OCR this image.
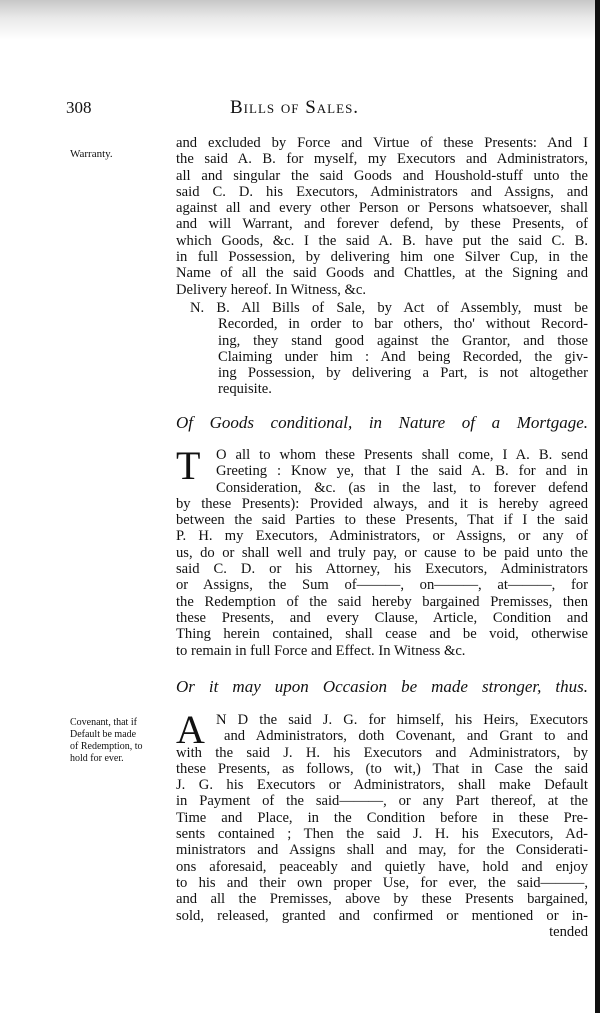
308	Bills of Sales.
Warranty.
Covenant, that if
Default be made
of Redemption, to
hold for ever.
and excluded by Force and Virtue of these Presents: And I
the said A. B. for myself, my Executors and Administrators,
all and singular the said Goods and Houshold-stuff unto the
said C. D. his Executors, Administrators and Assigns, and
against all and every other Person or Persons whatsoever, shall
and will Warrant, and forever defend, by these Presents, of
which Goods, &c. I the said A. B. have put the said C. B.
in full Possession, by delivering him one Silver Cup, in the
Name of all the said Goods and Chattles, at the Signing and
Delivery hereof. In Witness, &c.
N. B. All Bills of Sale, by Act of Assembly, must be
Recorded, in order to bar others, tho' without Record-
ing, they stand good against the Grantor, and those
Claiming under him : And being Recorded, the giv-
ing Possession, by delivering a Part, is not altogether
requisite.
Of Goods conditional, in Nature of a Mortgage.
T	O all to whom these Presents shall come, I A. B. send
Greeting : Know ye, that I the said A. B. for and in
Consideration, &c. (as in the last, to forever defend
by these Presents): Provided always, and it is hereby agreed
between the said Parties to these Presents, That if I the said
P. H. my Executors, Administrators, or Assigns, or any of
us, do or shall well and truly pay, or cause to be paid unto the
said C. D. or his Attorney, his Executors, Administrators
or Assigns, the Sum of———, on———, at———, for
the Redemption of the said hereby bargained Premisses, then
these Presents, and every Clause, Article, Condition and
Thing herein contained, shall cease and be void, otherwise
to remain in full Force and Effect. In Witness &c.
Or it may upon Occasion be made stronger, thus.
A N D the said J. G. for himself, his Heirs, Executors
and Administrators, doth Covenant, and Grant to and
with the said J. H. his Executors and Administrators, by
these Presents, as follows, (to wit,) That in Case the said
J. G. his Executors or Administrators, shall make Default
in Payment of the said———, or any Part thereof, at the
Time and Place, in the Condition before in these Pre-
sents contained ; Then the said J. H. his Executors, Ad-
ministrators and Assigns shall and may, for the Considerati-
ons aforesaid, peaceably and quietly have, hold and enjoy
to his and their own proper Use, for ever, the said———,
and all the Premisses, above by these Presents bargained,
sold, released, granted and confirmed or mentioned or in-
tended
